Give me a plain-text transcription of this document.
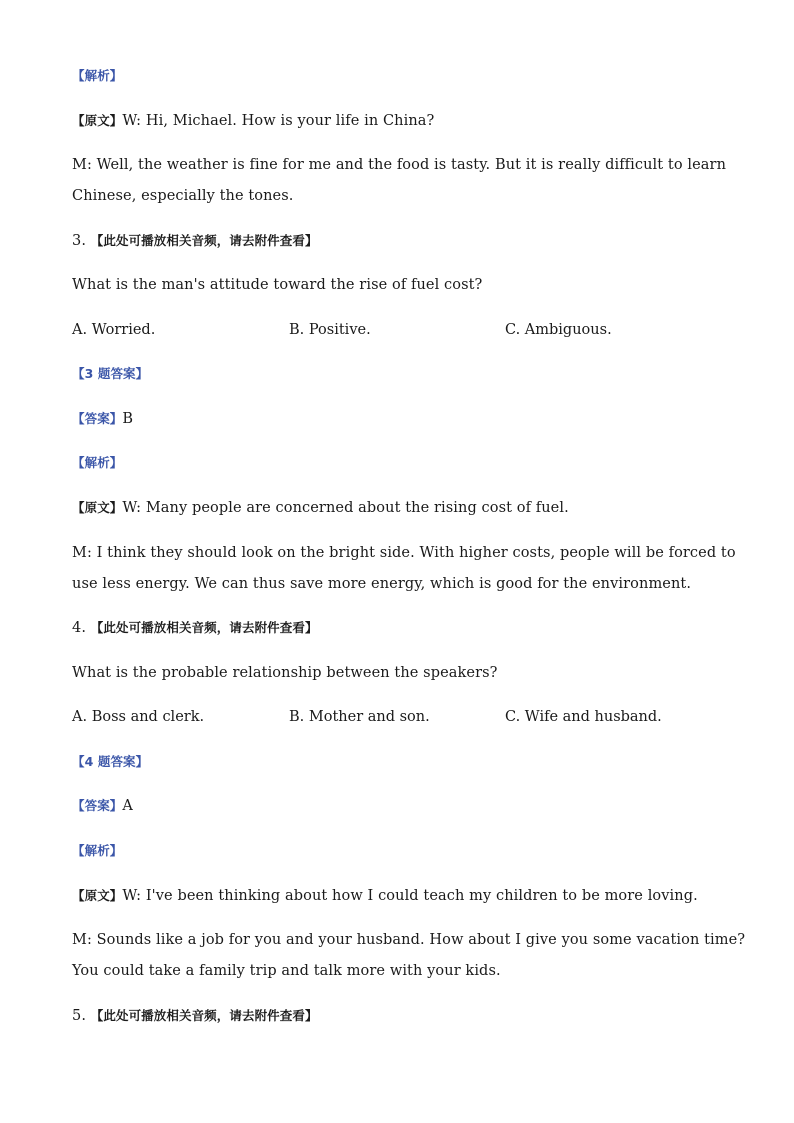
【解析】
【原文】W: Hi, Michael. How is your life in China?
M: Well, the weather is fine for me and the food is tasty. But it is really difficult to learn
Chinese, especially the tones.
3. 【此处可播放相关音频，请去附件查看】
What is the man's attitude toward the rise of fuel cost?
A. Worried.	B. Positive.	C. Ambiguous.
【3 题答案】
【答案】B
【解析】
【原文】W: Many people are concerned about the rising cost of fuel.
M: I think they should look on the bright side. With higher costs, people will be forced to
use less energy. We can thus save more energy, which is good for the environment.
4. 【此处可播放相关音频，请去附件查看】
What is the probable relationship between the speakers?
A. Boss and clerk.	B. Mother and son.	C. Wife and husband.
【4 题答案】
【答案】A
【解析】
【原文】W: I've been thinking about how I could teach my children to be more loving.
M: Sounds like a job for you and your husband. How about I give you some vacation time?
You could take a family trip and talk more with your kids.
5. 【此处可播放相关音频，请去附件查看】
